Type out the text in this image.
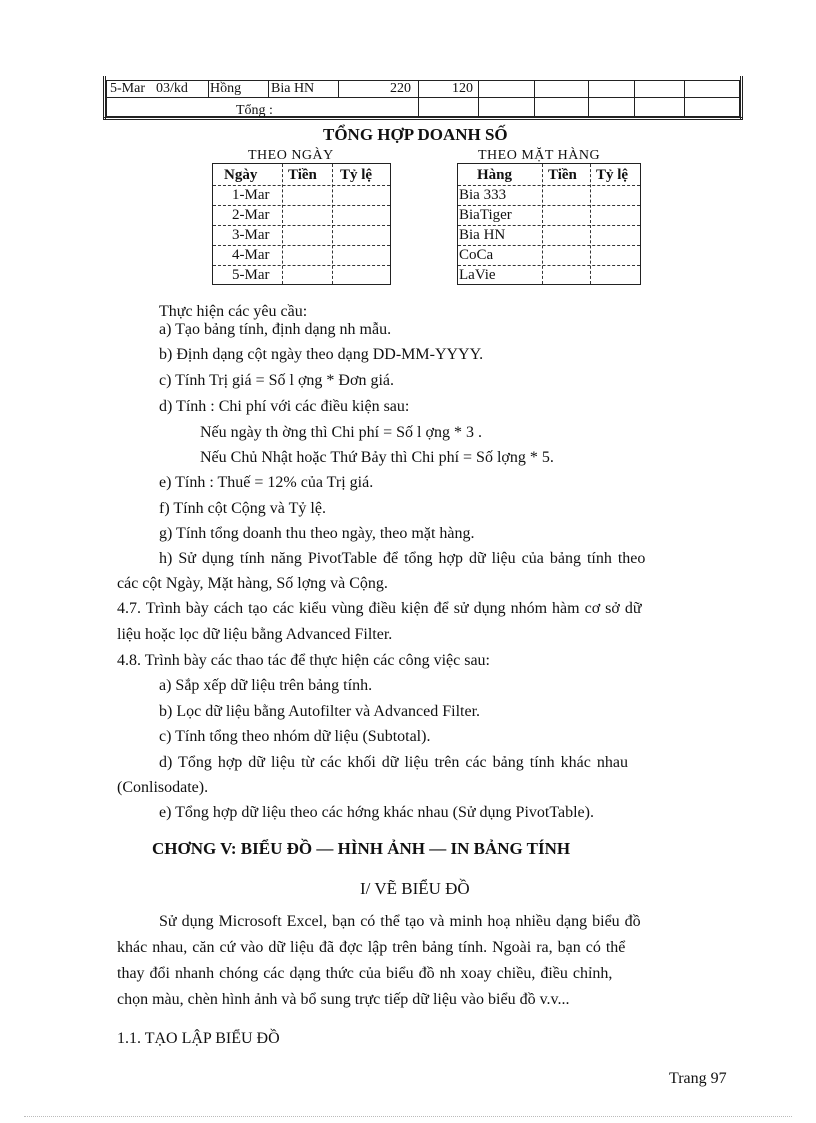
5-Mar 03/kd Hồng Bia HN	220	120
Tổng :
TỔNG HỢP DOANH SỐ
THEO NGÀY	THEO MẶT HÀNG
Ngày Tiền Tỷ lệ
1-Mar
2-Mar
3-Mar
4-Mar
5-Mar
Hàng Tiền Tỷ lệ
Bia 333
BiaTiger
Bia HN
CoCa
LaVie
Thực hiện các yêu cầu:
a) Tạo bảng tính, định dạng nh mẫu.
b) Định dạng cột ngày theo dạng DD-MM-YYYY.
c) Tính Trị giá = Số l ợng * Đơn giá.
d) Tính : Chi phí với các điều kiện sau:
Nếu ngày th ờng thì Chi phí = Số l ợng * 3 .
Nếu Chủ Nhật hoặc Thứ Bảy thì Chi phí = Số lợng * 5.
e) Tính : Thuế = 12% của Trị giá.
f) Tính cột Cộng và Tỷ lệ.
g) Tính tổng doanh thu theo ngày, theo mặt hàng.
h) Sử dụng tính năng PivotTable để tổng hợp dữ liệu của bảng tính theo
các cột Ngày, Mặt hàng, Số lợng và Cộng.
4.7. Trình bày cách tạo các kiểu vùng điều kiện để sử dụng nhóm hàm cơ sở dữ
liệu hoặc lọc dữ liệu bằng Advanced Filter.
4.8. Trình bày các thao tác để thực hiện các công việc sau:
a) Sắp xếp dữ liệu trên bảng tính.
b) Lọc dữ liệu bằng Autofilter và Advanced Filter.
c) Tính tổng theo nhóm dữ liệu (Subtotal).
d) Tổng hợp dữ liệu từ các khối dữ liệu trên các bảng tính khác nhau
(Conlisodate).
e) Tổng hợp dữ liệu theo các hớng khác nhau (Sử dụng PivotTable).
CHƠNG V: BIỂU ĐỒ — HÌNH ẢNH — IN BẢNG TÍNH
I/ VẼ BIỂU ĐỒ
Sử dụng Microsoft Excel, bạn có thể tạo và minh hoạ nhiều dạng biểu đồ
khác nhau, căn cứ vào dữ liệu đã đợc lập trên bảng tính. Ngoài ra, bạn có thể
thay đổi nhanh chóng các dạng thức của biểu đồ nh xoay chiều, điều chỉnh,
chọn màu, chèn hình ảnh và bổ sung trực tiếp dữ liệu vào biểu đồ v.v...
1.1. TẠO LẬP BIỂU ĐỒ
Trang 97
